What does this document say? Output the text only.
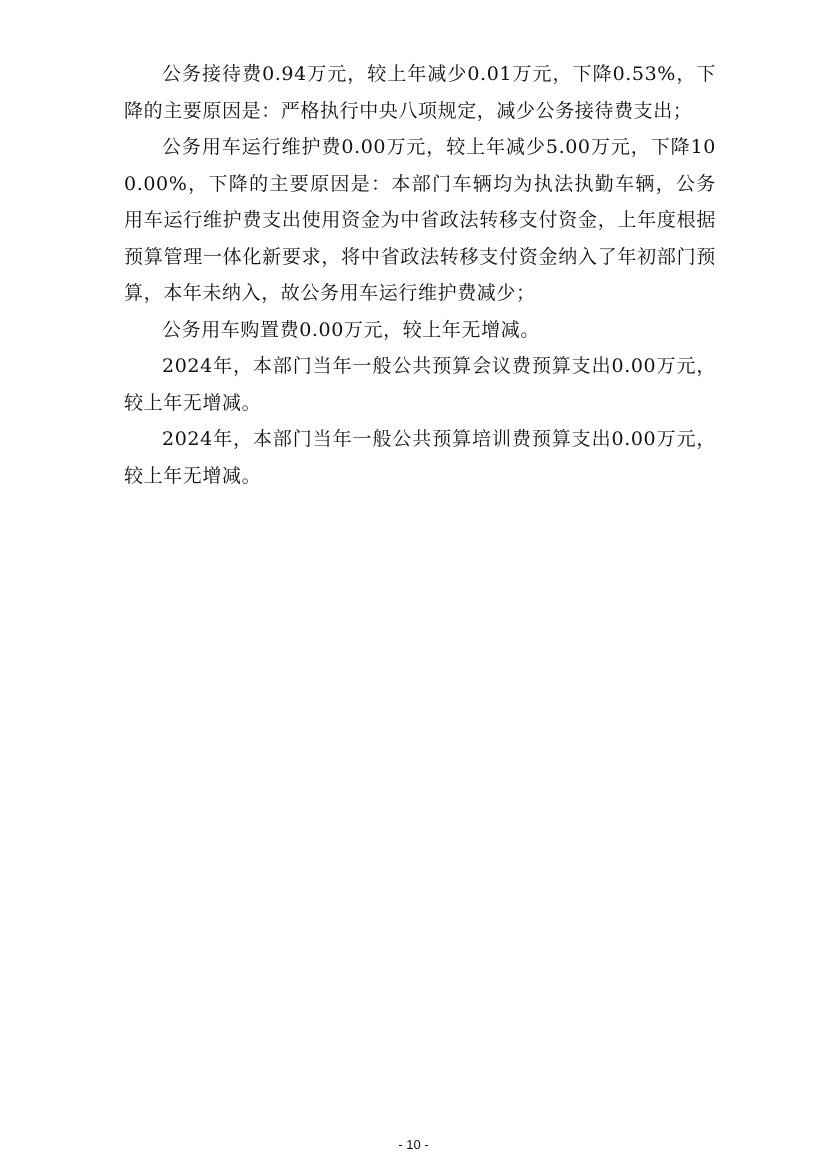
公务接待费0.94万元，较上年减少0.01万元，下降0.53%，下降的主要原因是：严格执行中央八项规定，减少公务接待费支出；

公务用车运行维护费0.00万元，较上年减少5.00万元，下降100.00%，下降的主要原因是：本部门车辆均为执法执勤车辆，公务用车运行维护费支出使用资金为中省政法转移支付资金，上年度根据预算管理一体化新要求，将中省政法转移支付资金纳入了年初部门预算，本年未纳入，故公务用车运行维护费减少；

公务用车购置费0.00万元，较上年无增减。

2024年，本部门当年一般公共预算会议费预算支出0.00万元，较上年无增减。

2024年，本部门当年一般公共预算培训费预算支出0.00万元，较上年无增减。

- 10 -
